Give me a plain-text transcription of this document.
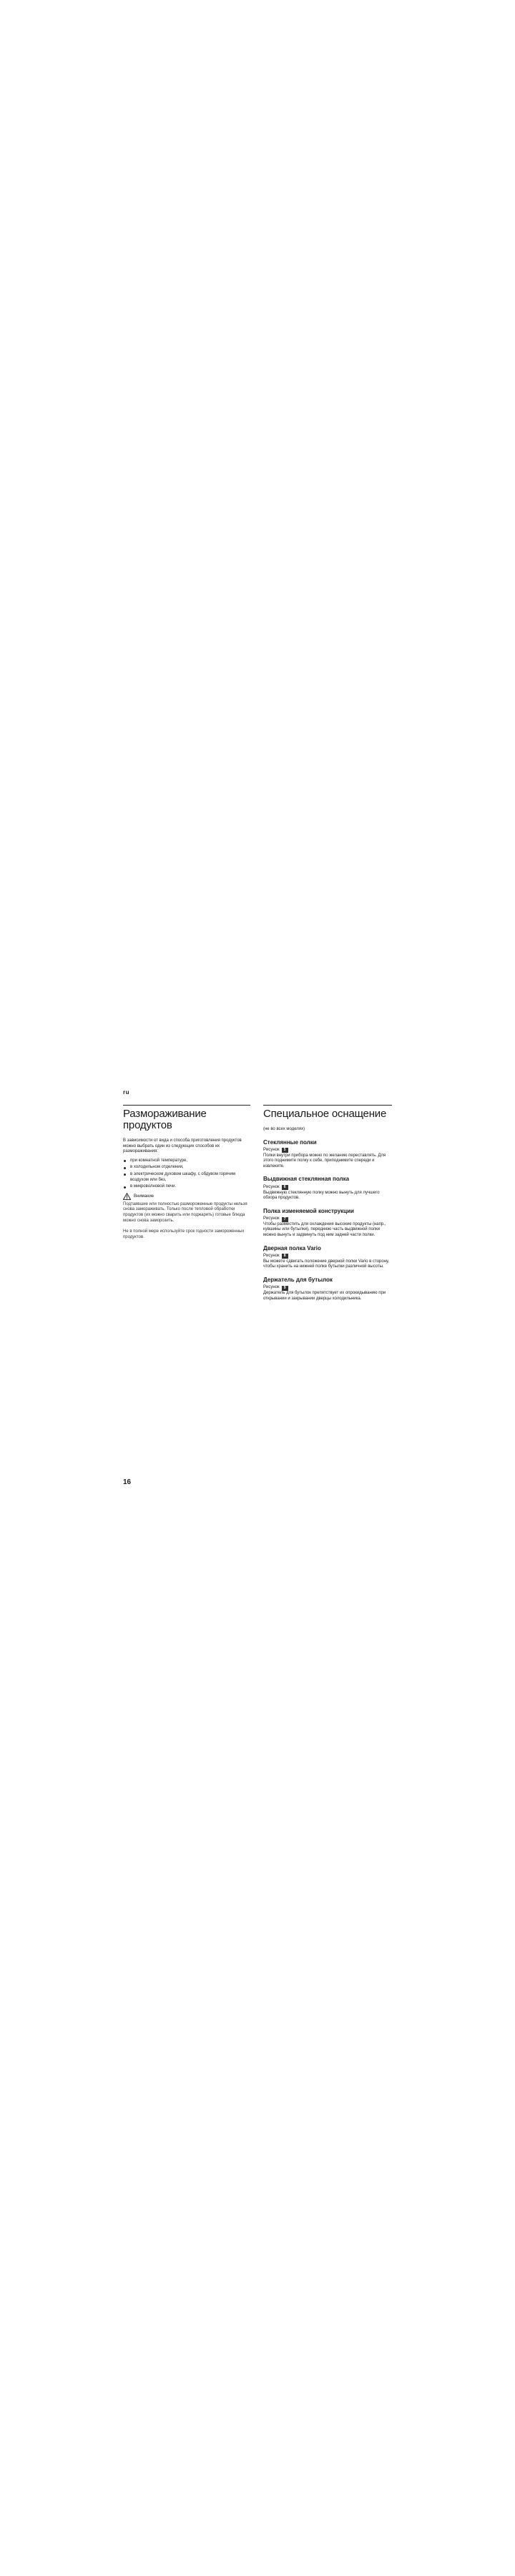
ru
Размораживание продуктов

В зависимости от вида и способа приготовления продуктов можно выбрать один из следующих способов их размораживания:

при комнатной температуре,
в холодильном отделении,
в электрическом духовом шкафу, с обдувом горячим воздухом или без,
в микроволновой печи.
Внимание

Подтаявшие или полностью размороженные продукты нельзя снова замораживать. Только после тепловой обработки продуктов (их можно сварить или поджарить) готовые блюда можно снова заморозить.

Не в полной мере используйте срок годности замороженных продуктов.

Специальное оснащение

(не во всех моделях)

Стеклянные полки
Рисунок	5

Полки внутри прибора можно по желанию переставлять. Для этого поднимите полку к себе, приподнимите спереди и извлеките.

Выдвижная стеклянная полка
Рисунок	6

Выдвижную стеклянную полку можно вынуть для лучшего обзора продуктов.

Полка изменяемой конструкции
Рисунок	7

Чтобы разместить для охлаждения высокие продукты (напр., кувшины или бутылки), переднюю часть выдвижной полки можно вынуть и задвинуть под ним задней части полки.

Дверная полка Vario
Рисунок	8

Вы можете сдвигать положение дверной полки Vario в сторону, чтобы хранить на нижней полке бутылки различной высоты.

Держатель для бутылок
Рисунок	9

Держатель для бутылок препятствует их опрокидыванию при открывании и закрывании дверцы холодильника.

16
